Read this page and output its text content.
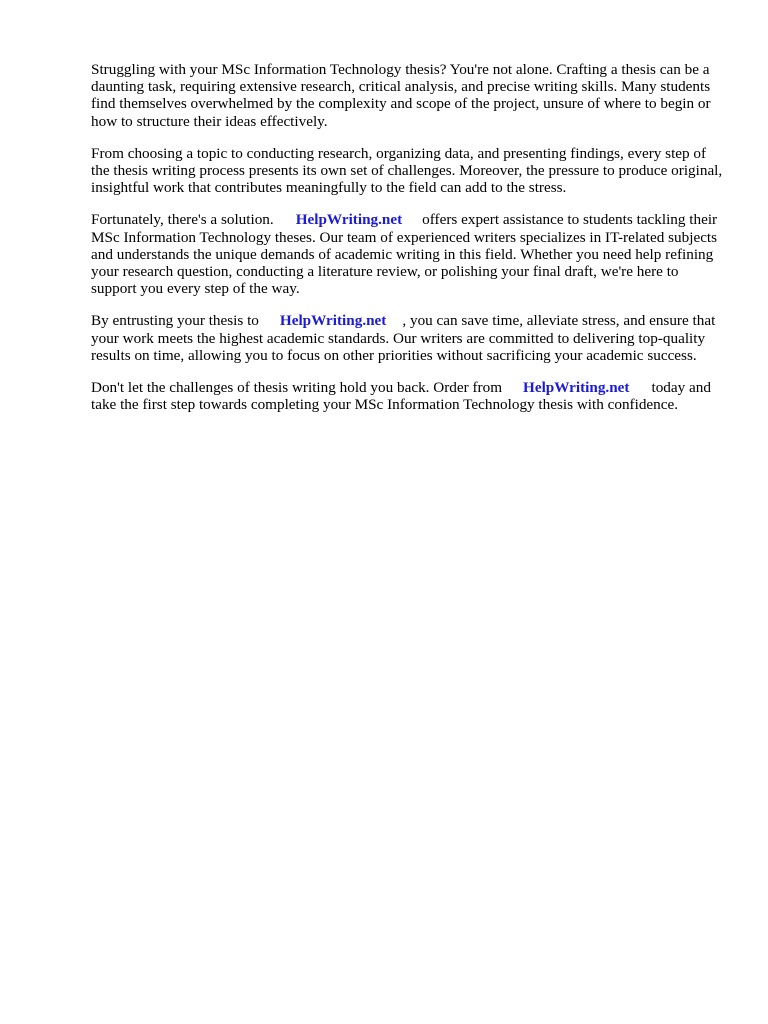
Struggling with your MSc Information Technology thesis? You're not alone. Crafting a thesis can be a daunting task, requiring extensive research, critical analysis, and precise writing skills. Many students find themselves overwhelmed by the complexity and scope of the project, unsure of where to begin or how to structure their ideas effectively.

From choosing a topic to conducting research, organizing data, and presenting findings, every step of the thesis writing process presents its own set of challenges. Moreover, the pressure to produce original, insightful work that contributes meaningfully to the field can add to the stress.

Fortunately, there's a solution. HelpWriting.net offers expert assistance to students tackling their MSc Information Technology theses. Our team of experienced writers specializes in IT-related subjects and understands the unique demands of academic writing in this field. Whether you need help refining your research question, conducting a literature review, or polishing your final draft, we're here to support you every step of the way.

By entrusting your thesis to HelpWriting.net , you can save time, alleviate stress, and ensure that your work meets the highest academic standards. Our writers are committed to delivering top-quality results on time, allowing you to focus on other priorities without sacrificing your academic success.

Don't let the challenges of thesis writing hold you back. Order from HelpWriting.net today and take the first step towards completing your MSc Information Technology thesis with confidence.
